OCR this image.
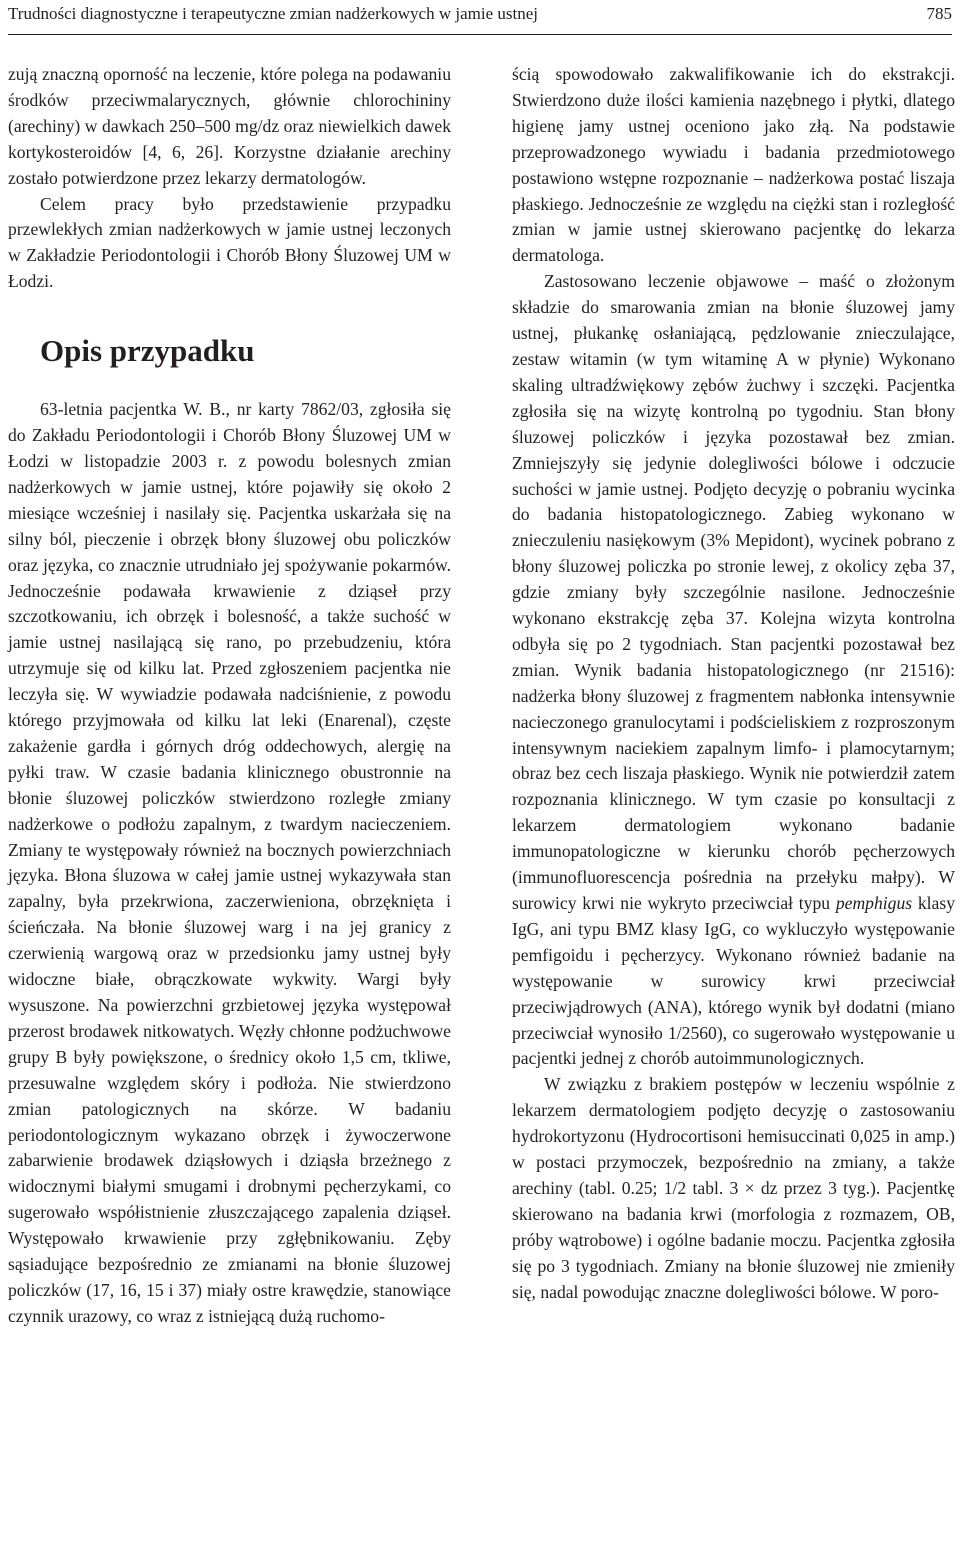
Trudności diagnostyczne i terapeutyczne zmian nadżerkowych w jamie ustnej	785

zują znaczną oporność na leczenie, które polega na podawaniu środków przeciwmalarycznych, głównie chlorochininy (arechiny) w dawkach 250–500 mg/dz oraz niewielkich dawek kortykosteroidów [4, 6, 26]. Korzystne działanie arechiny zostało potwierdzone przez lekarzy dermatologów.

Celem pracy było przedstawienie przypadku przewlekłych zmian nadżerkowych w jamie ustnej leczonych w Zakładzie Periodontologii i Chorób Błony Śluzowej UM w Łodzi.

Opis przypadku

63-letnia pacjentka W. B., nr karty 7862/03, zgłosiła się do Zakładu Periodontologii i Chorób Błony Śluzowej UM w Łodzi w listopadzie 2003 r. z powodu bolesnych zmian nadżerkowych w jamie ustnej, które pojawiły się około 2 miesiące wcześniej i nasilały się. Pacjentka uskarżała się na silny ból, pieczenie i obrzęk błony śluzowej obu policzków oraz języka, co znacznie utrudniało jej spożywanie pokarmów. Jednocześnie podawała krwawienie z dziąseł przy szczotkowaniu, ich obrzęk i bolesność, a także suchość w jamie ustnej nasilającą się rano, po przebudzeniu, która utrzymuje się od kilku lat. Przed zgłoszeniem pacjentka nie leczyła się. W wywiadzie podawała nadciśnienie, z powodu którego przyjmowała od kilku lat leki (Enarenal), częste zakażenie gardła i górnych dróg oddechowych, alergię na pyłki traw. W czasie badania klinicznego obustronnie na błonie śluzowej policzków stwierdzono rozległe zmiany nadżerkowe o podłożu zapalnym, z twardym nacieczeniem. Zmiany te występowały również na bocznych powierzchniach języka. Błona śluzowa w całej jamie ustnej wykazywała stan zapalny, była przekrwiona, zaczerwieniona, obrzęknięta i ścieńczała. Na błonie śluzowej warg i na jej granicy z czerwienią wargową oraz w przedsionku jamy ustnej były widoczne białe, obrączkowate wykwity. Wargi były wysuszone. Na powierzchni grzbietowej języka występował przerost brodawek nitkowatych. Węzły chłonne podżuchwowe grupy B były powiększone, o średnicy około 1,5 cm, tkliwe, przesuwalne względem skóry i podłoża. Nie stwierdzono zmian patologicznych na skórze. W badaniu periodontologicznym wykazano obrzęk i żywoczerwone zabarwienie brodawek dziąsłowych i dziąsła brzeżnego z widocznymi białymi smugami i drobnymi pęcherzykami, co sugerowało współistnienie złuszczającego zapalenia dziąseł. Występowało krwawienie przy zgłębnikowaniu. Zęby sąsiadujące bezpośrednio ze zmianami na błonie śluzowej policzków (17, 16, 15 i 37) miały ostre krawędzie, stanowiące czynnik urazowy, co wraz z istniejącą dużą ruchomo-

ścią spowodowało zakwalifikowanie ich do ekstrakcji. Stwierdzono duże ilości kamienia nazębnego i płytki, dlatego higienę jamy ustnej oceniono jako złą. Na podstawie przeprowadzonego wywiadu i badania przedmiotowego postawiono wstępne rozpoznanie – nadżerkowa postać liszaja płaskiego. Jednocześnie ze względu na ciężki stan i rozległość zmian w jamie ustnej skierowano pacjentkę do lekarza dermatologa.

Zastosowano leczenie objawowe – maść o złożonym składzie do smarowania zmian na błonie śluzowej jamy ustnej, płukankę osłaniającą, pędzlowanie znieczulające, zestaw witamin (w tym witaminę A w płynie) Wykonano skaling ultradźwiękowy zębów żuchwy i szczęki. Pacjentka zgłosiła się na wizytę kontrolną po tygodniu. Stan błony śluzowej policzków i języka pozostawał bez zmian. Zmniejszyły się jedynie dolegliwości bólowe i odczucie suchości w jamie ustnej. Podjęto decyzję o pobraniu wycinka do badania histopatologicznego. Zabieg wykonano w znieczuleniu nasiękowym (3% Mepidont), wycinek pobrano z błony śluzowej policzka po stronie lewej, z okolicy zęba 37, gdzie zmiany były szczególnie nasilone. Jednocześnie wykonano ekstrakcję zęba 37. Kolejna wizyta kontrolna odbyła się po 2 tygodniach. Stan pacjentki pozostawał bez zmian. Wynik badania histopatologicznego (nr 21516): nadżerka błony śluzowej z fragmentem nabłonka intensywnie nacieczonego granulocytami i podścieliskiem z rozproszonym intensywnym naciekiem zapalnym limfo- i plamocytarnym; obraz bez cech liszaja płaskiego. Wynik nie potwierdził zatem rozpoznania klinicznego. W tym czasie po konsultacji z lekarzem dermatologiem wykonano badanie immunopatologiczne w kierunku chorób pęcherzowych (immunofluorescencja pośrednia na przełyku małpy). W surowicy krwi nie wykryto przeciwciał typu pemphigus klasy IgG, ani typu BMZ klasy IgG, co wykluczyło występowanie pemfigoidu i pęcherzycy. Wykonano również badanie na występowanie w surowicy krwi przeciwciał przeciwjądrowych (ANA), którego wynik był dodatni (miano przeciwciał wynosiło 1/2560), co sugerowało występowanie u pacjentki jednej z chorób autoimmunologicznych.

W związku z brakiem postępów w leczeniu wspólnie z lekarzem dermatologiem podjęto decyzję o zastosowaniu hydrokortyzonu (Hydrocortisoni hemisuccinati 0,025 in amp.) w postaci przymoczek, bezpośrednio na zmiany, a także arechiny (tabl. 0.25; 1/2 tabl. 3 × dz przez 3 tyg.). Pacjentkę skierowano na badania krwi (morfologia z rozmazem, OB, próby wątrobowe) i ogólne badanie moczu. Pacjentka zgłosiła się po 3 tygodniach. Zmiany na błonie śluzowej nie zmieniły się, nadal powodując znaczne dolegliwości bólowe. W poro-
